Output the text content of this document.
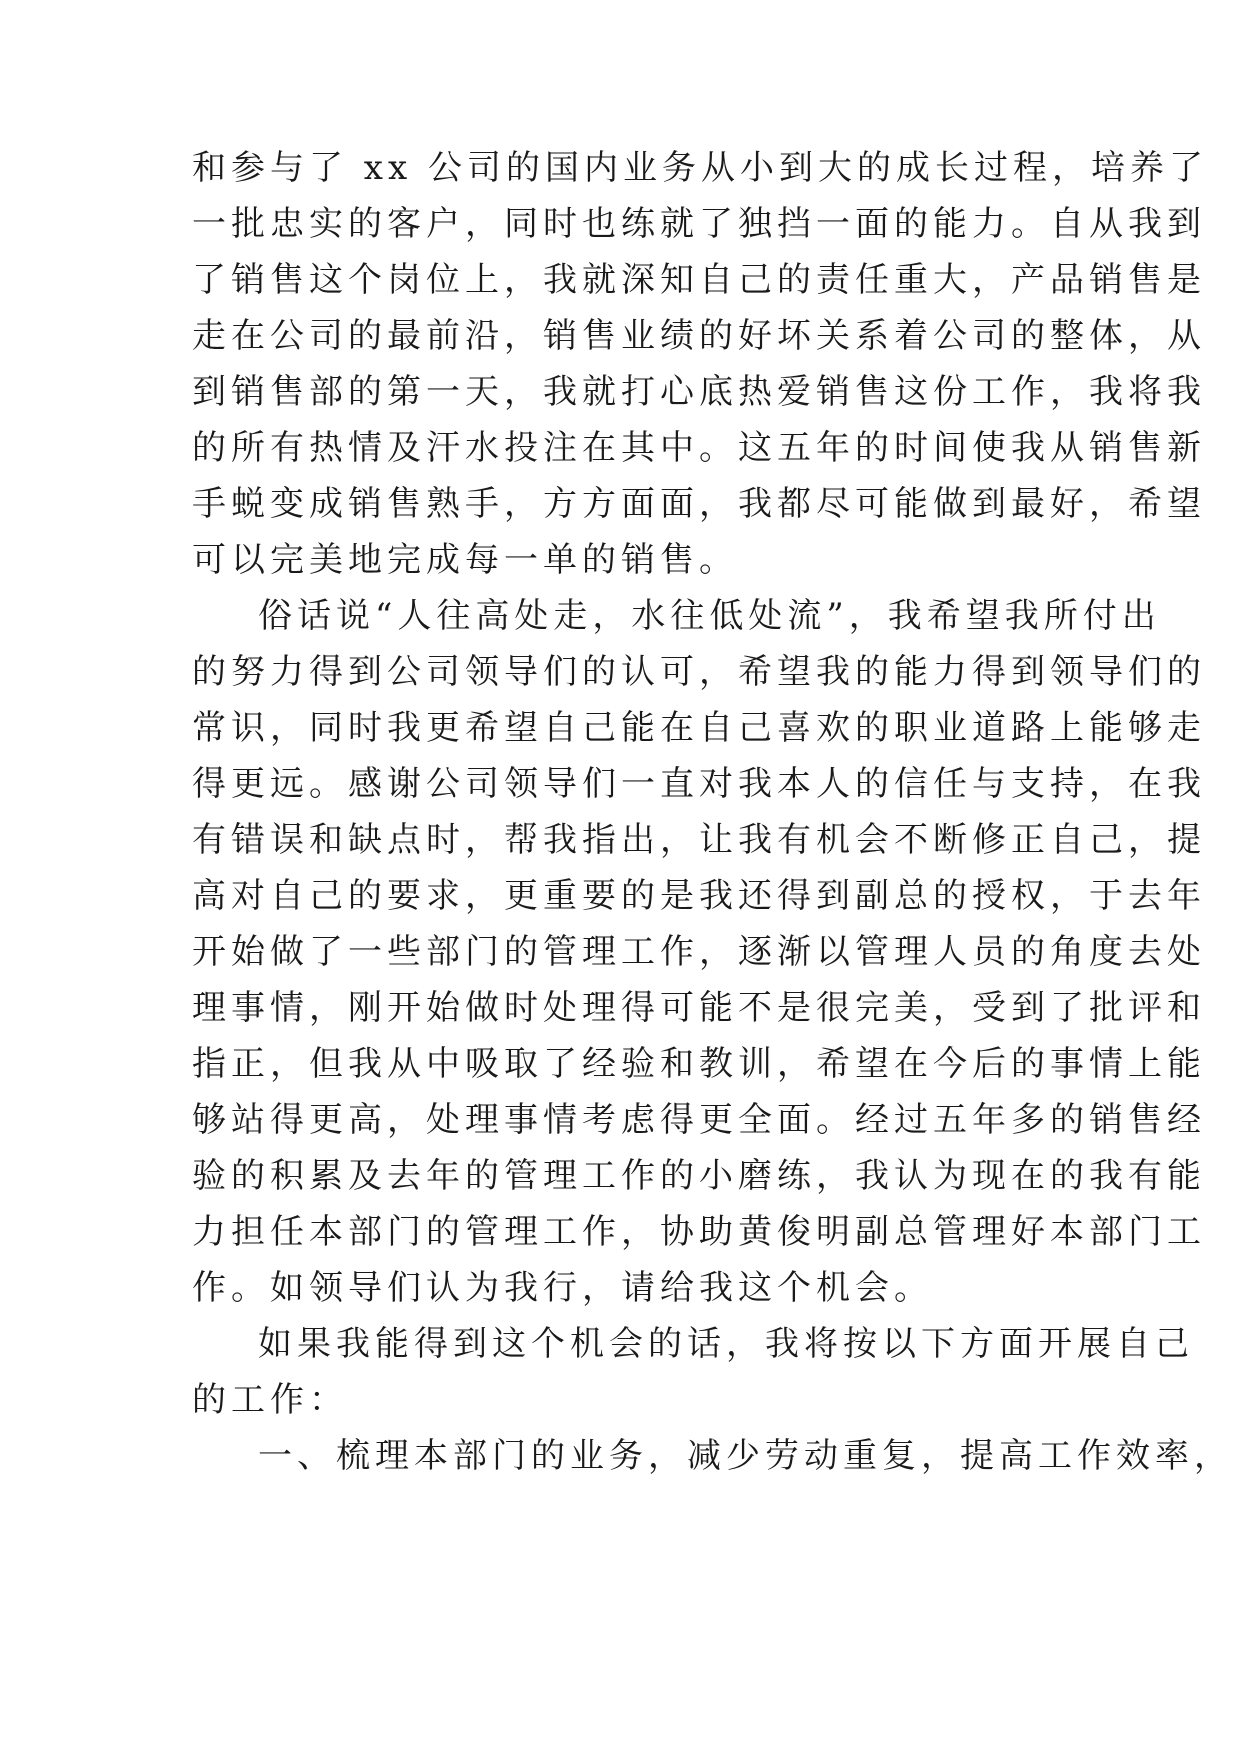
和参与了 xx 公司的国内业务从小到大的成长过程，培养了
一批忠实的客户，同时也练就了独挡一面的能力。自从我到
了销售这个岗位上，我就深知自己的责任重大，产品销售是
走在公司的最前沿，销售业绩的好坏关系着公司的整体，从
到销售部的第一天，我就打心底热爱销售这份工作，我将我
的所有热情及汗水投注在其中。这五年的时间使我从销售新
手蜕变成销售熟手，方方面面，我都尽可能做到最好，希望
可以完美地完成每一单的销售。
俗话说“人往高处走，水往低处流”，我希望我所付出
的努力得到公司领导们的认可，希望我的能力得到领导们的
常识，同时我更希望自己能在自己喜欢的职业道路上能够走
得更远。感谢公司领导们一直对我本人的信任与支持，在我
有错误和缺点时，帮我指出，让我有机会不断修正自己，提
高对自己的要求，更重要的是我还得到副总的授权，于去年
开始做了一些部门的管理工作，逐渐以管理人员的角度去处
理事情，刚开始做时处理得可能不是很完美，受到了批评和
指正，但我从中吸取了经验和教训，希望在今后的事情上能
够站得更高，处理事情考虑得更全面。经过五年多的销售经
验的积累及去年的管理工作的小磨练，我认为现在的我有能
力担任本部门的管理工作，协助黄俊明副总管理好本部门工
作。如领导们认为我行，请给我这个机会。
如果我能得到这个机会的话，我将按以下方面开展自己
的工作：
一、梳理本部门的业务，减少劳动重复，提高工作效率，
